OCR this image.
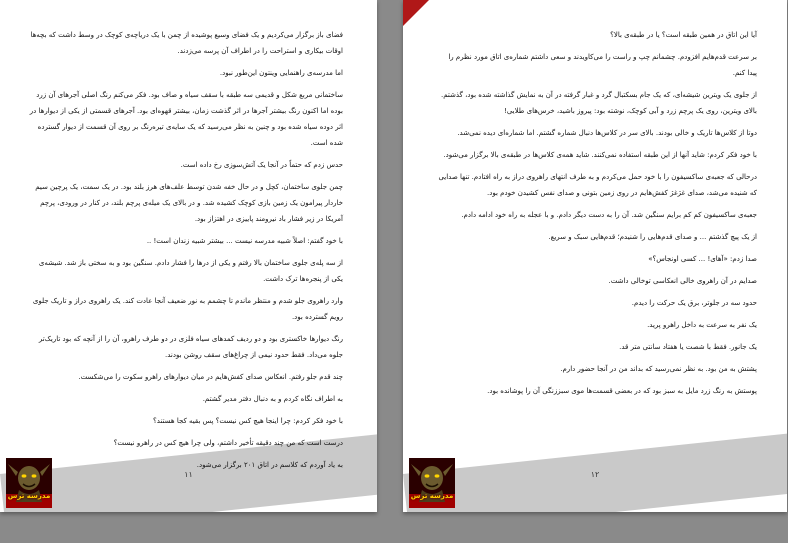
فضای باز برگزار می‌کردیم و یک فضای وسیع پوشیده از چمن با یک دریاچه‌ی کوچک در وسط داشت که بچه‌ها اوقات بیکاری و استراحت را در اطراف آن پرسه می‌زدند.

اما مدرسه‌ی راهنمایی وینتون این‌طور نبود.

ساختمانی مربع شکل و قدیمی سه طبقه با سقف سیاه و صاف بود. فکر می‌کنم رنگ اصلی آجرهای آن زرد بوده اما اکنون رنگ بیشتر آجرها در اثر گذشت زمان، بیشتر قهوه‌ای بود. آجرهای قسمتی از یکی از دیوارها در اثر دوده سیاه شده بود و چنین به نظر می‌رسید که یک سایه‌ی تیره‌رنگ بر روی آن قسمت از دیوار گسترده شده است.

حدس زدم که حتماً در آنجا یک آتش‌سوزی رخ داده است.

چمن جلوی ساختمان، کچل و در حال خفه شدن توسط علف‌های هرز بلند بود. در یک سمت، یک پرچین سیم خاردار پیرامون یک زمین بازی کوچک کشیده شد. و در بالای یک میله‌ی پرچم بلند، در کنار در ورودی، پرچم آمریکا در زیر فشار باد نیرومند پاییزی در اهتزاز بود.

با خود گفتم: اصلاً شبیه مدرسه نیست ... بیشتر شبیه زندان است! ..

از سه پله‌ی جلوی ساختمان بالا رفتم و یکی از درها را فشار دادم. سنگین بود و به سختی باز شد. شیشه‌ی یکی از پنجره‌ها ترک داشت.

وارد راهروی جلو شدم و منتظر ماندم تا چشمم به نور ضعیف آنجا عادت کند. یک راهروی دراز و تاریک جلوی رویم گسترده بود.

رنگ دیوارها خاکستری بود و دو ردیف کمدهای سیاه فلزی در دو طرف راهرو، آن را از آنچه که بود تاریک‌تر جلوه می‌داد. فقط حدود نیمی از چراغ‌های سقف روشن بودند.

چند قدم جلو رفتم. انعکاس صدای کفش‌هایم در میان دیوارهای راهرو سکوت را می‌شکست.

به اطراف نگاه کردم و به دنبال دفتر مدیر گشتم.

با خود فکر کردم: چرا اینجا هیچ کس نیست؟ پس بقیه کجا هستند؟

درست است که من چند دقیقه تأخیر داشتم، ولی چرا هیچ کس در راهرو نیست؟

به یاد آوردم که کلاسم در اتاق ۲۰۱ برگزار می‌شود.

۱۱
مدرسه ترس

آیا این اتاق در همین طبقه است؟ یا در طبقه‌ی بالا؟

بر سرعت قدم‌هایم افزودم. چشمانم چپ و راست را می‌کاویدند و سعی داشتم شماره‌ی اتاق مورد نظرم را پیدا کنم.

از جلوی یک ویترین شیشه‌ای، که یک جام بسکتبال گرد و غبار گرفته در آن به نمایش گذاشته شده بود، گذشتم. بالای ویترین، روی یک پرچم زرد و آبی کوچک، نوشته بود: پیروز باشید، خرس‌های طلایی!

دوتا از کلاس‌ها تاریک و خالی بودند. بالای سر در کلاس‌ها دنبال شماره گشتم. اما شماره‌ای دیده نمی‌شد.

با خود فکر کردم: شاید آنها از این طبقه استفاده نمی‌کنند. شاید همه‌ی کلاس‌ها در طبقه‌ی بالا برگزار می‌شود.

درحالی که جعبه‌ی ساکسیفون را با خود حمل می‌کردم و به طرف انتهای راهروی دراز به راه افتادم. تنها صدایی که شنیده می‌شد، صدای غژغژ کفش‌هایم در روی زمین بتونی و صدای نفس کشیدن خودم بود.

جعبه‌ی ساکسیفون کم کم برایم سنگین شد. آن را به دست دیگر دادم. و با عجله به راه خود ادامه دادم.

از یک پیچ گذشتم ... و صدای قدم‌هایی را شنیدم؛ قدم‌هایی سبک و سریع.

صدا زدم: «آهای! ... کسی اونجاس؟»

صدایم در آن راهروی خالی انعکاسی توخالی داشت.

حدود سه در جلوتر، برق یک حرکت را دیدم.

یک نفر به سرعت به داخل راهرو پرید.

یک جانور. فقط با شصت یا هفتاد سانتی متر قد.

پشتش به من بود. به نظر نمی‌رسید که بداند من در آنجا حضور دارم.

پوستش به رنگ زرد مایل به سبز بود که در بعضی قسمت‌ها موی سبززنگی آن را پوشانده بود.

۱۲
مدرسه ترس
